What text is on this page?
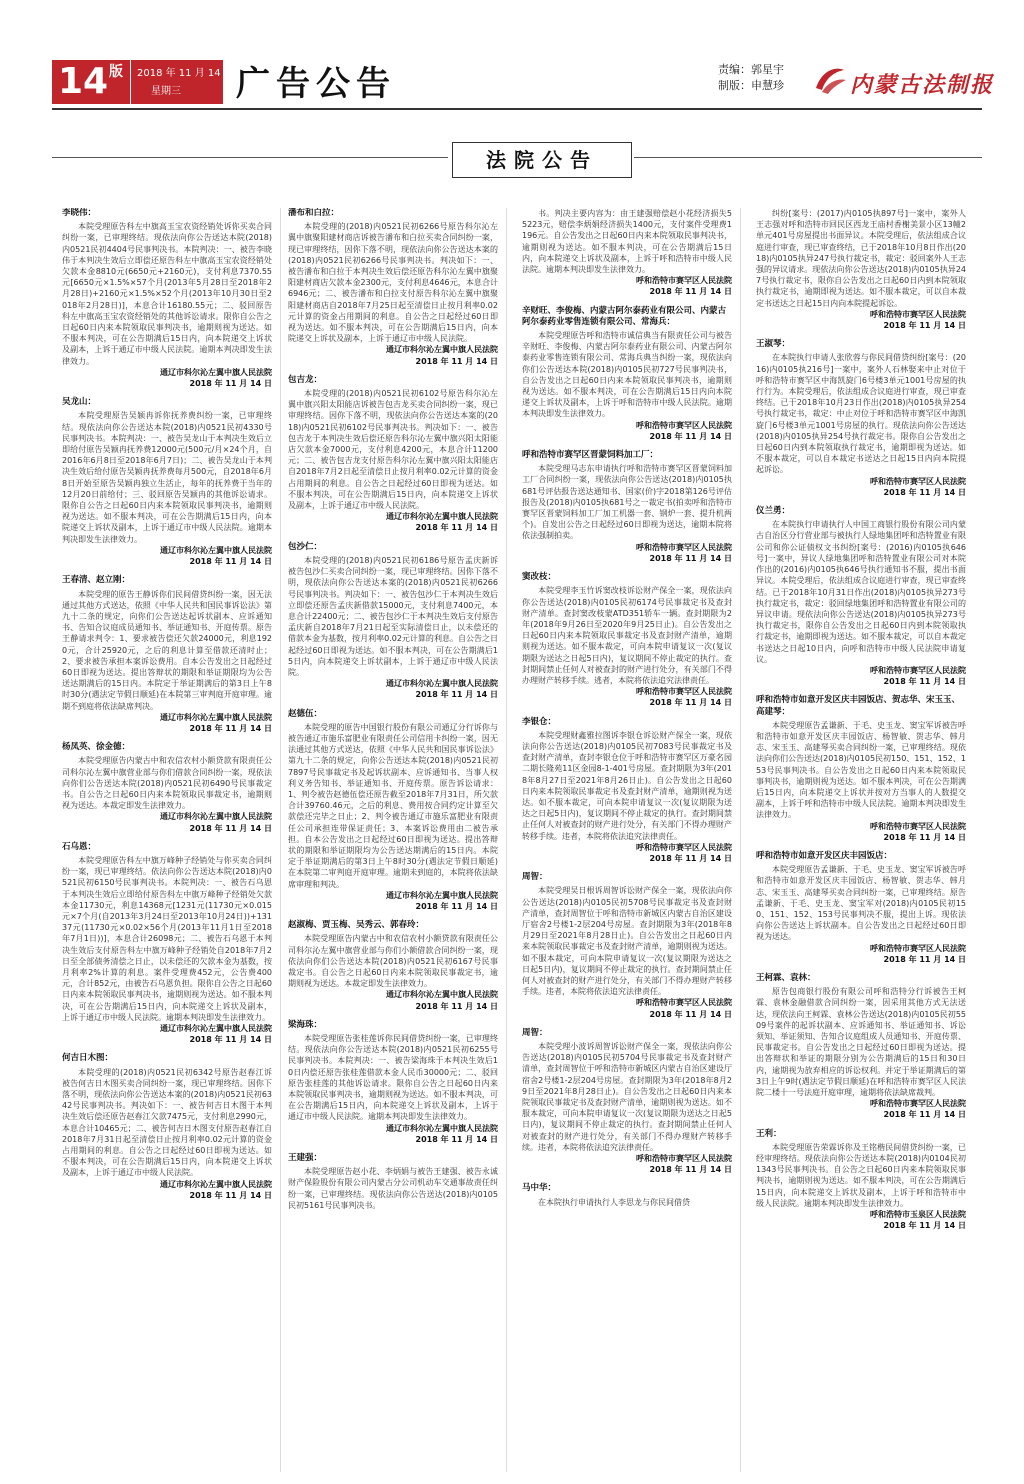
14 版 2018 年 11 月 14 日
星期三 广告公告	责编：郭星宇
制版：申慧珍	内蒙古法制报
法院公告
李晓伟：
本院受理原告科左中旗高玉宝农资经销处诉你买卖合同纠纷一案，已审理终结。现依法向你公告送达本院(2018)内0521民初4404号民事判决书。本院判决：一、被告李晓伟于本判决生效后立即偿还原告科左中旗高玉宝农资经销处欠款本金8810元(6650元+2160元)，支付利息7370.55元[6650元×1.5%×57个月(2013年5月28日至2018年2月28日)+2160元×1.5%×52个月(2013年10月30日至2018年2月28日)]，本息合计16180.55元；二、驳回原告科左中旗高玉宝农资经销处的其他诉讼请求。限你自公告之日起60日内来本院领取民事判决书，逾期则视为送达。如不服本判决，可在公告期满后15日内，向本院递交上诉状及副本，上诉于通辽市中级人民法院。逾期本判决即发生法律效力。
通辽市科尔沁左翼中旗人民法院
2018 年 11 月 14 日
吴龙山：
本院受理原告吴颖冉诉你抚养费纠纷一案，已审理终结。现依法向你公告送达本院(2018)内0521民初4330号民事判决书。本院判决：一、被告吴龙山于本判决生效后立即给付原告吴颖冉抚养费12000元(500元/月×24个月，自2016年6月8日至2018年6月7日)；二、被告吴龙山于本判决生效后给付原告吴颖冉抚养费每月500元，自2018年6月8日开始至原告吴颖冉独立生活止，每年的抚养费于当年的12月20日前给付；三、驳回原告吴颖冉的其他诉讼请求。限你自公告之日起60日内来本院领取民事判决书，逾期则视为送达。如不服本判决，可在公告期满后15日内，向本院递交上诉状及副本，上诉于通辽市中级人民法院。逾期本判决即发生法律效力。
通辽市科尔沁左翼中旗人民法院
2018 年 11 月 14 日
王春清、赵立刚：
本院受理的原告王静诉你们民间借贷纠纷一案，因无法通过其他方式送达，依照《中华人民共和国民事诉讼法》第九十二条的规定，向你们公告送达起诉状副本、应诉通知书、告知合议庭成员通知书、举证通知书、开庭传票。原告王静请求判令：1、要求被告偿还欠款24000元，利息1920元，合计25920元，之后的利息计算至借款还清时止；2、要求被告承担本案诉讼费用。自本公告发出之日起经过60日即视为送达。提出答辩状的期限和举证期限均为公告送达期满后的15日内。本院定于举证期满后的第3日上午8时30分(遇法定节假日顺延)在本院第三审判庭开庭审理。逾期不到庭将依法缺席判决。
通辽市科尔沁左翼中旗人民法院
2018 年 11 月 14 日
杨凤英、徐金德：
本院受理原告内蒙古中和农信农村小额贷款有限责任公司科尔沁左翼中旗营业部与你们借款合同纠纷一案，现依法向你们公告送达本院(2018)内0521民初6490号民事裁定书。自公告之日起60日内来本院领取民事裁定书，逾期则视为送达。本裁定即发生法律效力。
通辽市科尔沁左翼中旗人民法院
2018 年 11 月 14 日
石乌恩：
本院受理原告科左中旗万峰种子经销处与你买卖合同纠纷一案，现已审理终结。依法向你公告送达本院(2018)内0521民初6150号民事判决书。本院判决：一、被告石乌恩于本判决生效后立即给付原告科左中旗万峰种子经销处欠款本金11730元，利息14368元[1231元(11730元×0.015元×7个月(自2013年3月24日至2013年10月24日))+13137元(11730元×0.02×56个月(2013年11月1日至2018年7月1日))]，本息合计26098元；二、被告石乌恩于本判决生效后支付原告科左中旗万峰种子经销处自2018年7月2日至全部债务清偿之日止，以未偿还的欠款本金为基数，按月利率2%计算的利息。案件受理费452元，公告费400元，合计852元，由被告石乌恩负担。限你自公告之日起60日内来本院领取民事判决书，逾期则视为送达。如不服本判决，可在公告期满后15日内，向本院递交上诉状及副本，上诉于通辽市中级人民法院。逾期本判决即发生法律效力。
通辽市科尔沁左翼中旗人民法院
2018 年 11 月 14 日
何吉日木图：
本院受理的(2018)内0521民初6342号原告赵春江诉被告何吉日木图买卖合同纠纷一案，现已审理终结。因你下落不明，现依法向你公告送达本案的(2018)内0521民初6342号民事判决书。判决如下：一、被告何吉日木图于本判决生效后偿还原告赵春江欠款7475元，支付利息2990元，本息合计10465元；二、被告何吉日木图支付原告赵春江自2018年7月31日起至清偿日止按月利率0.02元计算的资金占用期间的利息。自公告之日起经过60日即视为送达。如不服本判决，可在公告期满后15日内，向本院递交上诉状及副本，上诉于通辽市中级人民法院。
通辽市科尔沁左翼中旗人民法院
2018 年 11 月 14 日
潘布和白拉：
本院受理的(2018)内0521民初6266号原告科尔沁左翼中旗聚阳建材商店诉被告潘布和白拉买卖合同纠纷一案，现已审理终结，因你下落不明，现依法向你公告送达本案的(2018)内0521民初6266号民事判决书。判决如下：一、被告潘布和白拉于本判决生效后偿还原告科尔沁左翼中旗聚阳建材商店欠款本金2300元，支付利息4646元，本息合计6946元；二、被告潘布和白拉支付原告科尔沁左翼中旗聚阳建材商店自2018年7月25日起至清偿日止按月利率0.02元计算的资金占用期间的利息。自公告之日起经过60日即视为送达。如不服本判决，可在公告期满后15日内，向本院递交上诉状及副本，上诉于通辽市中级人民法院。
通辽市科尔沁左翼中旗人民法院
2018 年 11 月 14 日
包吉龙：
本院受理的(2018)内0521民初6102号原告科尔沁左翼中旗兴阳太阳能店诉被告包吉龙买卖合同纠纷一案，现已审理终结。因你下落不明，现依法向你公告送达本案的(2018)内0521民初6102号民事判决书。判决如下：一、被告包吉龙于本判决生效后偿还原告科尔沁左翼中旗兴阳太阳能店欠款本金7000元，支付利息4200元，本息合计11200元；二、被告包吉龙支付原告科尔沁左翼中旗兴阳太阳能店自2018年7月2日起至清偿日止按月利率0.02元计算的资金占用期间的利息。自公告之日起经过60日即视为送达。如不服本判决，可在公告期满后15日内，向本院递交上诉状及副本，上诉于通辽市中级人民法院。
通辽市科尔沁左翼中旗人民法院
2018 年 11 月 14 日
包沙仁：
本院受理的(2018)内0521民初6186号原告孟庆新诉被告包沙仁买卖合同纠纷一案，现已审理终结。因你下落不明，现依法向你公告送达本案的(2018)内0521民初6266号民事判决书。判决如下：一、被告包沙仁于本判决生效后立即偿还原告孟庆新借款15000元，支付利息7400元，本息合计22400元；二、被告包沙仁于本判决生效后支付原告孟庆新自2018年7月21日起至实际清偿日止，以未偿还的借款本金为基数，按月利率0.02元计算的利息。自公告之日起经过60日即视为送达。如不服本判决，可在公告期满后15日内，向本院递交上诉状副本，上诉于通辽市中级人民法院。
通辽市科尔沁左翼中旗人民法院
2018 年 11 月 14 日
赵德伍：
本院受理的原告中国银行股份有限公司通辽分行诉你与被告通辽市施乐富肥业有限责任公司信用卡纠纷一案，因无法通过其他方式送达，依照《中华人民共和国民事诉讼法》第九十二条的规定，向你公告送达本院(2018)内0521民初7897号民事裁定书及起诉状副本、应诉通知书、当事人权利义务告知书、举证通知书、开庭传票。原告诉讼请求：1、判令被告赵德伍偿还原告截至2018年7月31日，所欠款合计39760.46元，之后的利息、费用按合同约定计算至欠款偿还完毕之日止；2、判令被告通辽市施乐富肥业有限责任公司承担连带保证责任；3、本案诉讼费用由二被告承担。自本公告发出之日起经过60日即视为送达。提出答辩状的期限和举证期限均为公告送达期满后的15日内。本院定于举证期满后的第3日上午8时30分(遇法定节假日顺延)在本院第二审判庭开庭审理。逾期未到庭的，本院将依法缺席审理和判决。
通辽市科尔沁左翼中旗人民法院
2018 年 11 月 14 日
赵淑梅、贾玉梅、吴秀云、郭春玲：
本院受理原告内蒙古中和农信农村小额贷款有限责任公司科尔沁左翼中旗营业部与你们小额借款合同纠纷一案，现依法向你们公告送达本院(2018)内0521民初6167号民事裁定书。自公告之日起60日内来本院领取民事裁定书，逾期则视为送达。本裁定即发生法律效力。
通辽市科尔沁左翼中旗人民法院
2018 年 11 月 14 日
梁海珠：
本院受理原告张桂莲诉你民间借贷纠纷一案，已审理终结。现依法向你公告送达本院(2018)内0521民初6255号民事判决书。本院判决：一、被告梁海珠于本判决生效后10日内偿还原告张桂莲借款本金人民币30000元；二、驳回原告张桂莲的其他诉讼请求。限你自公告之日起60日内来本院领取民事判决书，逾期则视为送达。如不服本判决，可在公告期满后15日内，向本院递交上诉状及副本，上诉于通辽市中级人民法院。逾期本判决即发生法律效力。
通辽市科尔沁左翼中旗人民法院
2018 年 11 月 14 日
王建强：
本院受理原告赵小花、李炳娟与被告王建强、被告永诚财产保险股份有限公司内蒙古分公司机动车交通事故责任纠纷一案，已审理终结。现依法向你公告送达(2018)内0105民初5161号民事判决书。
书。判决主要内容为：由王建强赔偿赵小花经济损失55223元，赔偿李炳娟经济损失1400元，支付案件受理费1196元。自公告发出之日起60日内来本院领取民事判决书，逾期则视为送达。如不服本判决，可在公告期满后15日内，向本院递交上诉状及副本，上诉于呼和浩特市中级人民法院。逾期本判决即发生法律效力。
呼和浩特市赛罕区人民法院
2018 年 11 月 14 日
辛财旺、李俊梅、内蒙古阿尔泰药业有限公司、内蒙古阿尔泰药业零售连锁有限公司、常海兵：
本院受理原告呼和浩特市诚信典当有限责任公司与被告辛财旺、李俊梅、内蒙古阿尔泰药业有限公司、内蒙古阿尔泰药业零售连锁有限公司、常海兵典当纠纷一案，现依法向你们公告送达本院(2018)内0105民初727号民事判决书，自公告发出之日起60日内来本院领取民事判决书，逾期则视为送达。如不服本判决，可在公告期满后15日内向本院递交上诉状及副本，上诉于呼和浩特市中级人民法院。逾期本判决即发生法律效力。
呼和浩特市赛罕区人民法院
2018 年 11 月 14 日
呼和浩特市赛罕区晋蒙饲料加工厂：
本院受理马志东申请执行呼和浩特市赛罕区晋蒙饲料加工厂合同纠纷一案，现依法向你公告送达(2018)内0105执681号评估报告送达通知书、国家(价)字2018第126号评估报告及(2018)内0105执681号之一裁定书(拍卖呼和浩特市赛罕区晋蒙饲料加工厂加工机器一套、钢炉一套、提升机两个)。自发出公告之日起经过60日即视为送达，逾期本院将依法强制拍卖。
呼和浩特市赛罕区人民法院
2018 年 11 月 14 日
窦改枝：
本院受理李玉竹诉窦改枝诉讼财产保全一案，现依法向你公告送达(2018)内0105民初6174号民事裁定书及查封财产清单。查封窦改枝蒙ATD351轿车一辆。查封期限为2年(2018年9月26日至2020年9月25日止)。自公告发出之日起60日内来本院领取民事裁定书及查封财产清单，逾期则视为送达。如不服本裁定，可向本院申请复议一次(复议期限为送达之日起5日内)，复议期间不停止裁定的执行。查封期间禁止任何人对被查封的财产进行处分，有关部门不得办理财产转移手续。逃者，本院将依法追究法律责任。
呼和浩特市赛罕区人民法院
2018 年 11 月 14 日
李银仓：
本院受理财鑫雅拉图诉李银仓诉讼财产保全一案，现依法向你公告送达(2018)内0105民初7083号民事裁定书及查封财产清单，查封李银仓位于呼和浩特市赛罕区万豪名园二期长隆苑11区金园8-1-401号房屋。查封期限为3年(2018年8月27日至2021年8月26日止)。自公告发出之日起60日内来本院领取民事裁定书及查封财产清单，逾期则视为送达。如不服本裁定，可向本院申请复议一次(复议期限为送达之日起5日内)，复议期间不停止裁定的执行。查封期间禁止任何人对被查封的财产进行处分，有关部门不得办理财产转移手续。违者，本院将依法追究法律责任。
呼和浩特市赛罕区人民法院
2018 年 11 月 14 日
周智：
本院受理吴日根诉周智诉讼财产保全一案，现依法向你公告送达(2018)内0105民初5708号民事裁定书及查封财产清单，查封周智位于呼和浩特市新城区内蒙古自治区建设厅宿舍2号楼1-2层204号房屋。查封期限为3年(2018年8月29日至2021年8月28日止)。自公告发出之日起60日内来本院领取民事裁定书及查封财产清单，逾期则视为送达。如不服本裁定，可向本院申请复议一次(复议期限为送达之日起5日内)，复议期间不停止裁定的执行。查封期间禁止任何人对被查封的财产进行处分，有关部门不得办理财产转移手续。违者，本院将依法追究法律责任。
呼和浩特市赛罕区人民法院
2018 年 11 月 14 日
周智：
本院受理小波诉周智诉讼财产保全一案，现依法向你公告送达(2018)内0105民初5704号民事裁定书及查封财产清单，查封周智位于呼和浩特市新城区内蒙古自治区建设厅宿舍2号楼1-2层204号房屋。查封期限为3年(2018年8月29日至2021年8月28日止)。自公告发出之日起60日内来本院领取民事裁定书及查封财产清单，逾期则视为送达。如不服本裁定，可向本院申请复议一次(复议期限为送达之日起5日内)，复议期间不停止裁定的执行。查封期间禁止任何人对被查封的财产进行处分，有关部门不得办理财产转移手续。违者，本院将依法追究法律责任。
呼和浩特市赛罕区人民法院
2018 年 11 月 14 日
马中华：
在本院执行申请执行人李思龙与你民间借贷
纠纷[案号：(2017)内0105执897号]一案中，案外人王志强对呼和浩特市回民区西龙王庙村香榭美景小区13幢2单元401号房屋提出书面异议。本院受理后，依法组成合议庭进行审查，现已审查终结，已于2018年10月8日作出(2018)内0105执异247号执行裁定书，裁定：驳回案外人王志强的异议请求。现依法向你公告送达(2018)内0105执异247号执行裁定书，限你自公告发出之日起60日内到本院领取执行裁定书，逾期即视为送达。如不服本裁定，可以自本裁定书送达之日起15日内向本院提起诉讼。
呼和浩特市赛罕区人民法院
2018 年 11 月 14 日
王淑琴：
在本院执行申请人张欣蓉与你民间借贷纠纷[案号：(2016)内0105执216号]一案中，案外人石林娶来中止对位于呼和浩特市赛罕区中海凯旋门6号楼3单元1001号房屋的执行行为。本院受理后，依法组成合议庭进行审查，现已审查终结。已于2018年10月23日作出(2018)内0105执异254号执行裁定书，裁定：中止对位于呼和浩特市赛罕区中海凯旋门6号楼3单元1001号房屋的执行。现依法向你公告送达(2018)内0105执异254号执行裁定书。限你自公告发出之日起60日内到本院领取执行裁定书，逾期即视为送达。如不服本裁定，可以自本裁定书送达之日起15日内向本院提起诉讼。
呼和浩特市赛罕区人民法院
2018 年 11 月 14 日
仪兰勇：
在本院执行申请执行人中国工商银行股份有限公司内蒙古自治区分行营业部与被执行人绿地集团呼和浩特置业有限公司和你公证债权文书纠纷[案号：(2016)内0105执646号]一案中，异议人绿地集团呼和浩特置业有限公司对本院作出的(2016)内0105执646号执行通知书不服，提出书面异议。本院受理后，依法组成合议庭进行审查，现已审查终结。已于2018年10月31日作出(2018)内0105执异273号执行裁定书，裁定：驳回绿地集团呼和浩特置业有限公司的异议申请。现依法向你公告送达(2018)内0105执异273号执行裁定书，限你自公告发出之日起60日内到本院领取执行裁定书，逾期即视为送达。如不服本裁定，可以自本裁定书送达之日起10日内，向呼和浩特市中级人民法院申请复议。
呼和浩特市赛罕区人民法院
2018 年 11 月 14 日
呼和浩特市如意开发区庆丰园饭店、贺志华、宋玉玉、高建琴：
本院受理原告孟谦新、于毛、史玉龙、窦宝军诉被告呼和浩特市如意开发区庆丰园饭店、杨智敏、贺志华、韩月志、宋玉玉、高建琴买卖合同纠纷一案，已审理终结。现依法向你们公告送达(2018)内0105民初150、151、152、153号民事判决书。自公告发出之日起60日内来本院领取民事判决书，逾期则视为送达。如不服本判决，可在公告期满后15日内，向本院递交上诉状并按对方当事人的人数提交副本，上诉于呼和浩特市中级人民法院。逾期本判决即发生法律效力。
呼和浩特市赛罕区人民法院
2018 年 11 月 14 日
呼和浩特市如意开发区庆丰园饭店：
本院受理原告孟谦新、于毛、史玉龙、窦宝军诉被告呼和浩特市如意开发区庆丰园饭店、杨智敏、贺志华、韩月志、宋玉玉、高建琴买卖合同纠纷一案，已审理终结。原告孟谦新、于毛、史玉龙、窦宝军对(2018)内0105民初150、151、152、153号民事判决不服，提出上诉。现依法向你公告送达上诉状副本。自公告发出之日起经过60日即视为送达。
呼和浩特市赛罕区人民法院
2018 年 11 月 14 日
王柯霖、袁林：
原告包商银行股份有限公司呼和浩特分行诉被告王柯霖、袁林金融借款合同纠纷一案，因采用其他方式无法送达，现依法向王柯霖、袁林公告送达(2018)内0105民初5509号案件的起诉状副本、应诉通知书、举证通知书、诉讼须知、举证须知、告知合议庭组成人员通知书、开庭传票、民事裁定书。自公告发出之日起经过60日即视为送达。提出答辩状和举证的期限分别为公告期满后的15日和30日内，逾期视为放弃相应的诉讼权利。并定于举证期满后的第3日上午9时(遇法定节假日顺延)在呼和浩特市赛罕区人民法院二楼十一号法庭开庭审理，逾期将依法缺席裁判。
呼和浩特市赛罕区人民法院
2018 年 11 月 14 日
王利：
本院受理原告荣霖诉你及王铭楷民间借贷纠纷一案，已经审理终结。现依法向你公告送达本院(2018)内0104民初1343号民事判决书。自公告之日起60日内来本院领取民事判决书，逾期则视为送达。如不服本判决，可在公告期满后15日内，向本院递交上诉状及副本，上诉于呼和浩特市中级人民法院。逾期本判决即发生法律效力。
呼和浩特市玉泉区人民法院
2018 年 11 月 14 日
